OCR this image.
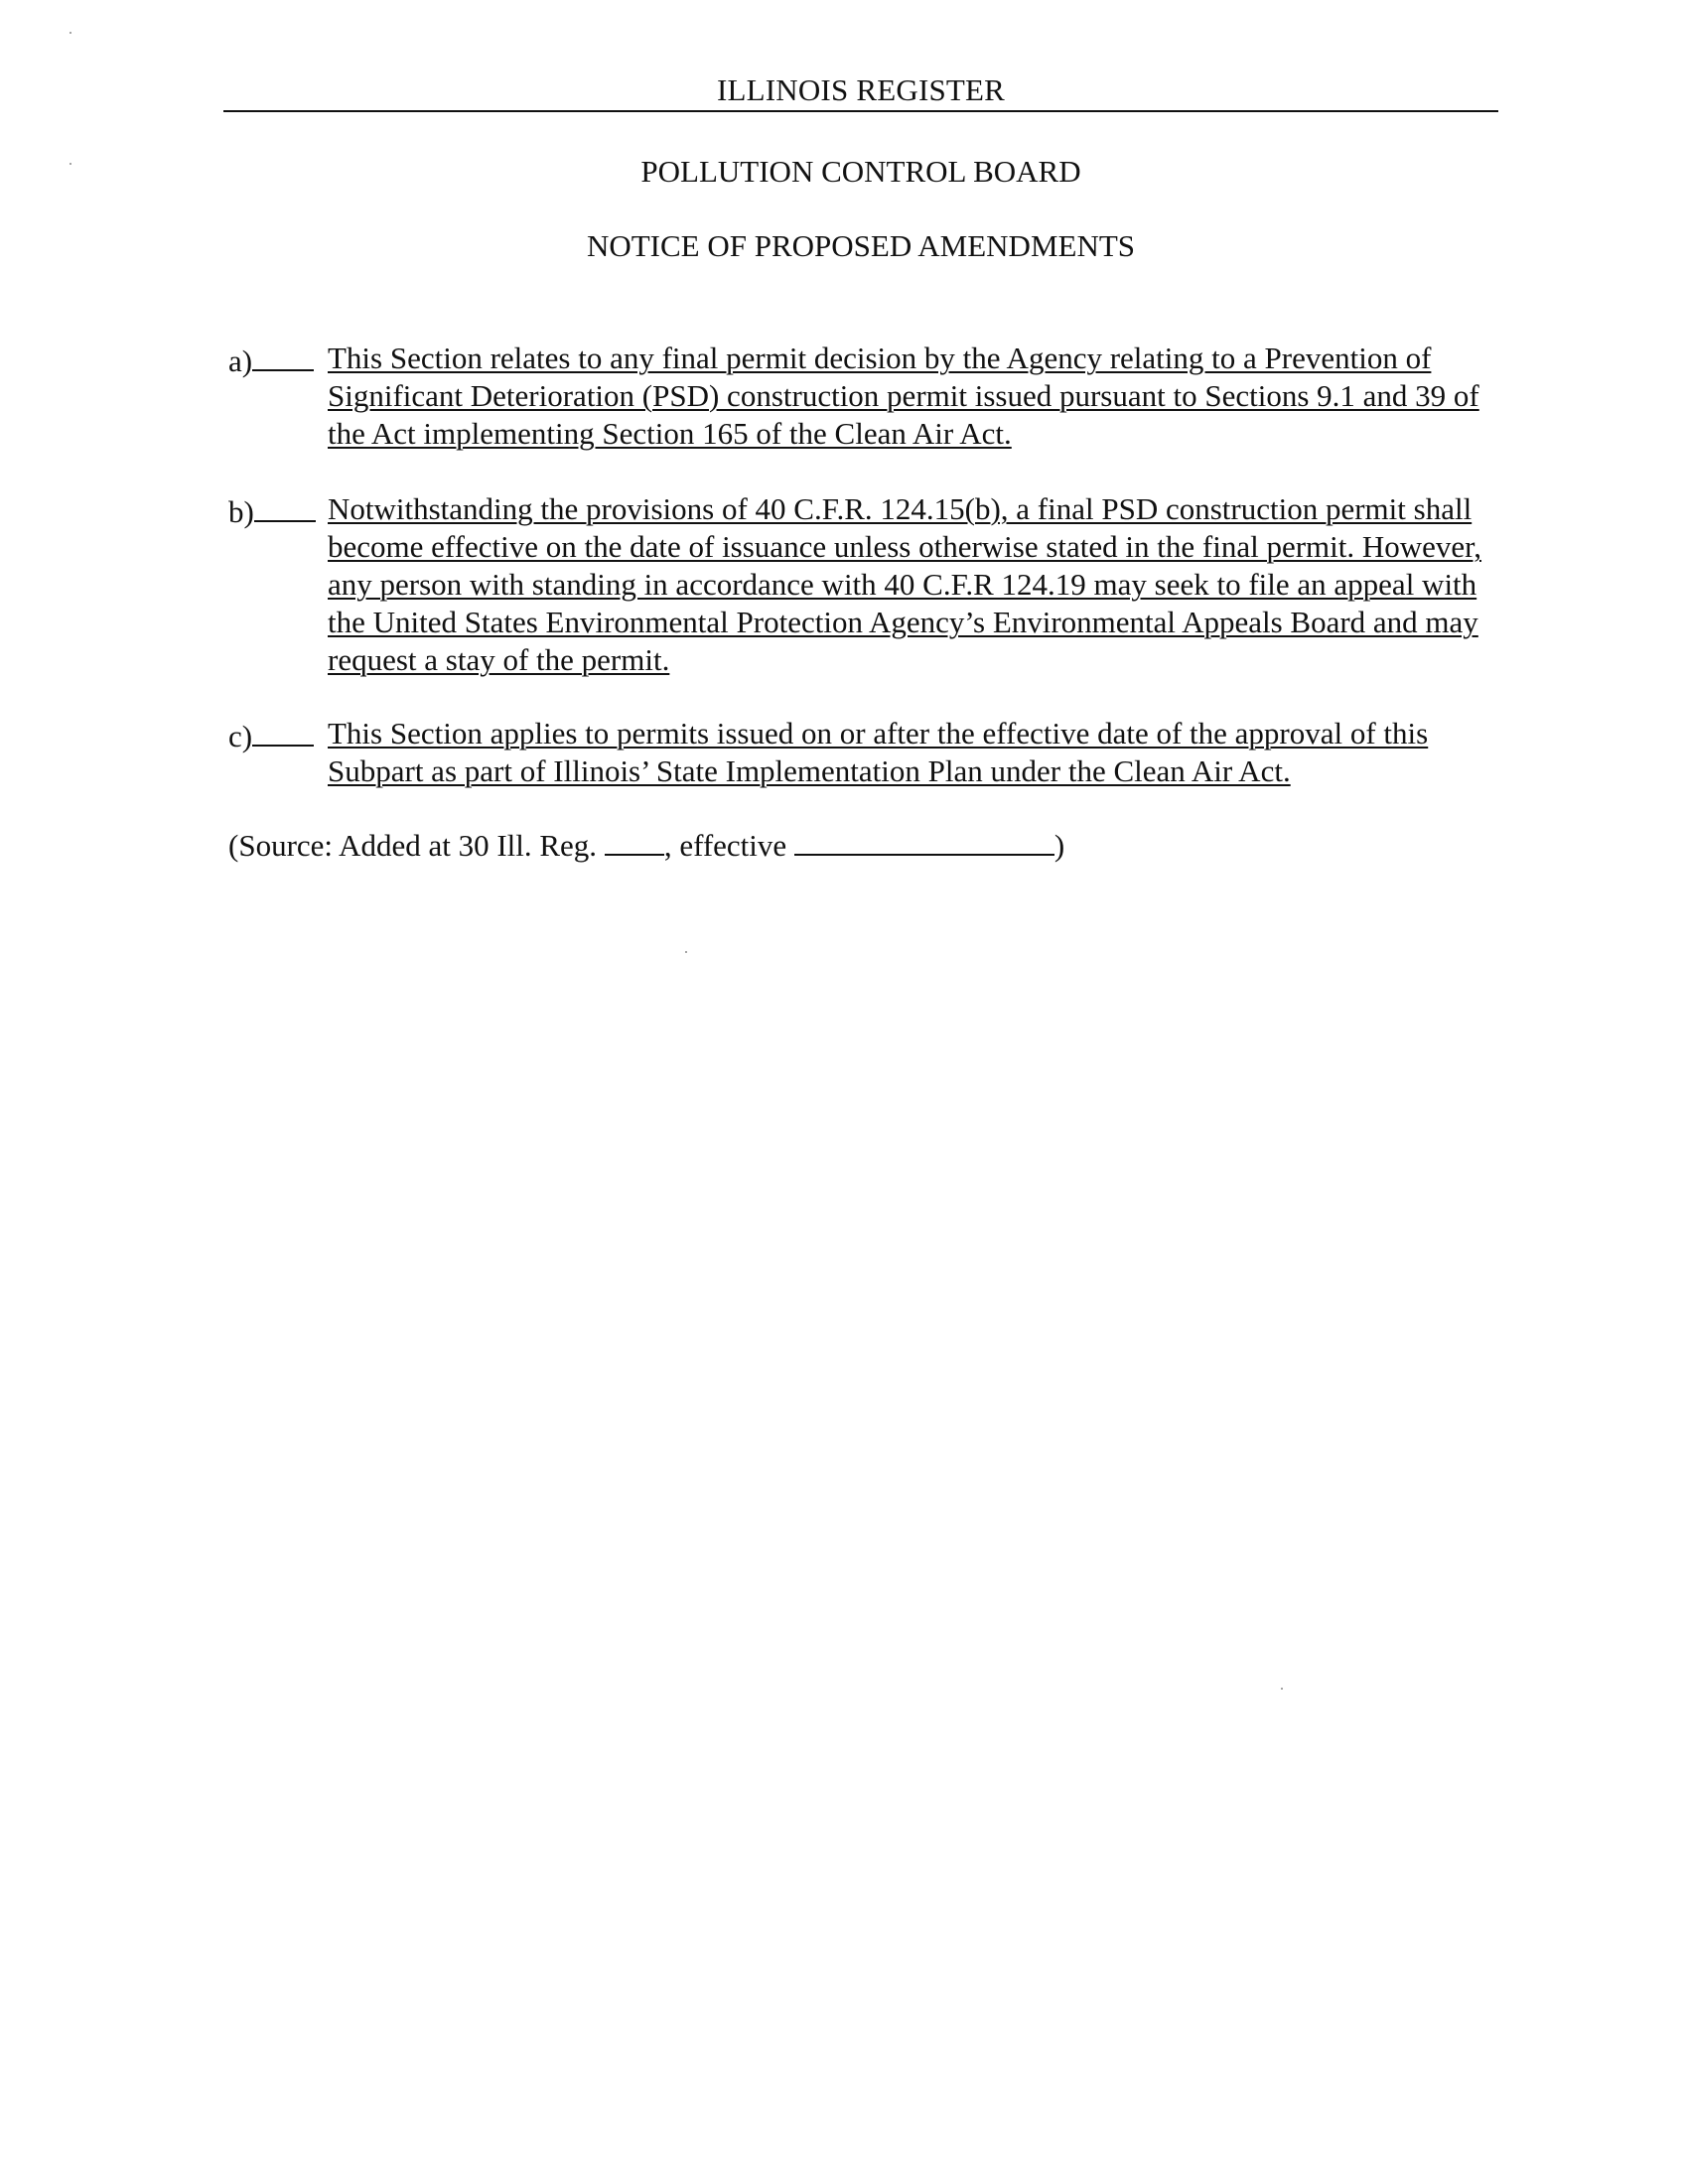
ILLINOIS REGISTER
POLLUTION CONTROL BOARD
NOTICE OF PROPOSED AMENDMENTS
a)	This Section relates to any final permit decision by the Agency relating to a Prevention of Significant Deterioration (PSD) construction permit issued pursuant to Sections 9.1 and 39 of the Act implementing Section 165 of the Clean Air Act.
b)	Notwithstanding the provisions of 40 C.F.R. 124.15(b), a final PSD construction permit shall become effective on the date of issuance unless otherwise stated in the final permit. However, any person with standing in accordance with 40 C.F.R 124.19 may seek to file an appeal with the United States Environmental Protection Agency’s Environmental Appeals Board and may request a stay of the permit.
c)	This Section applies to permits issued on or after the effective date of the approval of this Subpart as part of Illinois’ State Implementation Plan under the Clean Air Act.
(Source: Added at 30 Ill. Reg. , effective	)
